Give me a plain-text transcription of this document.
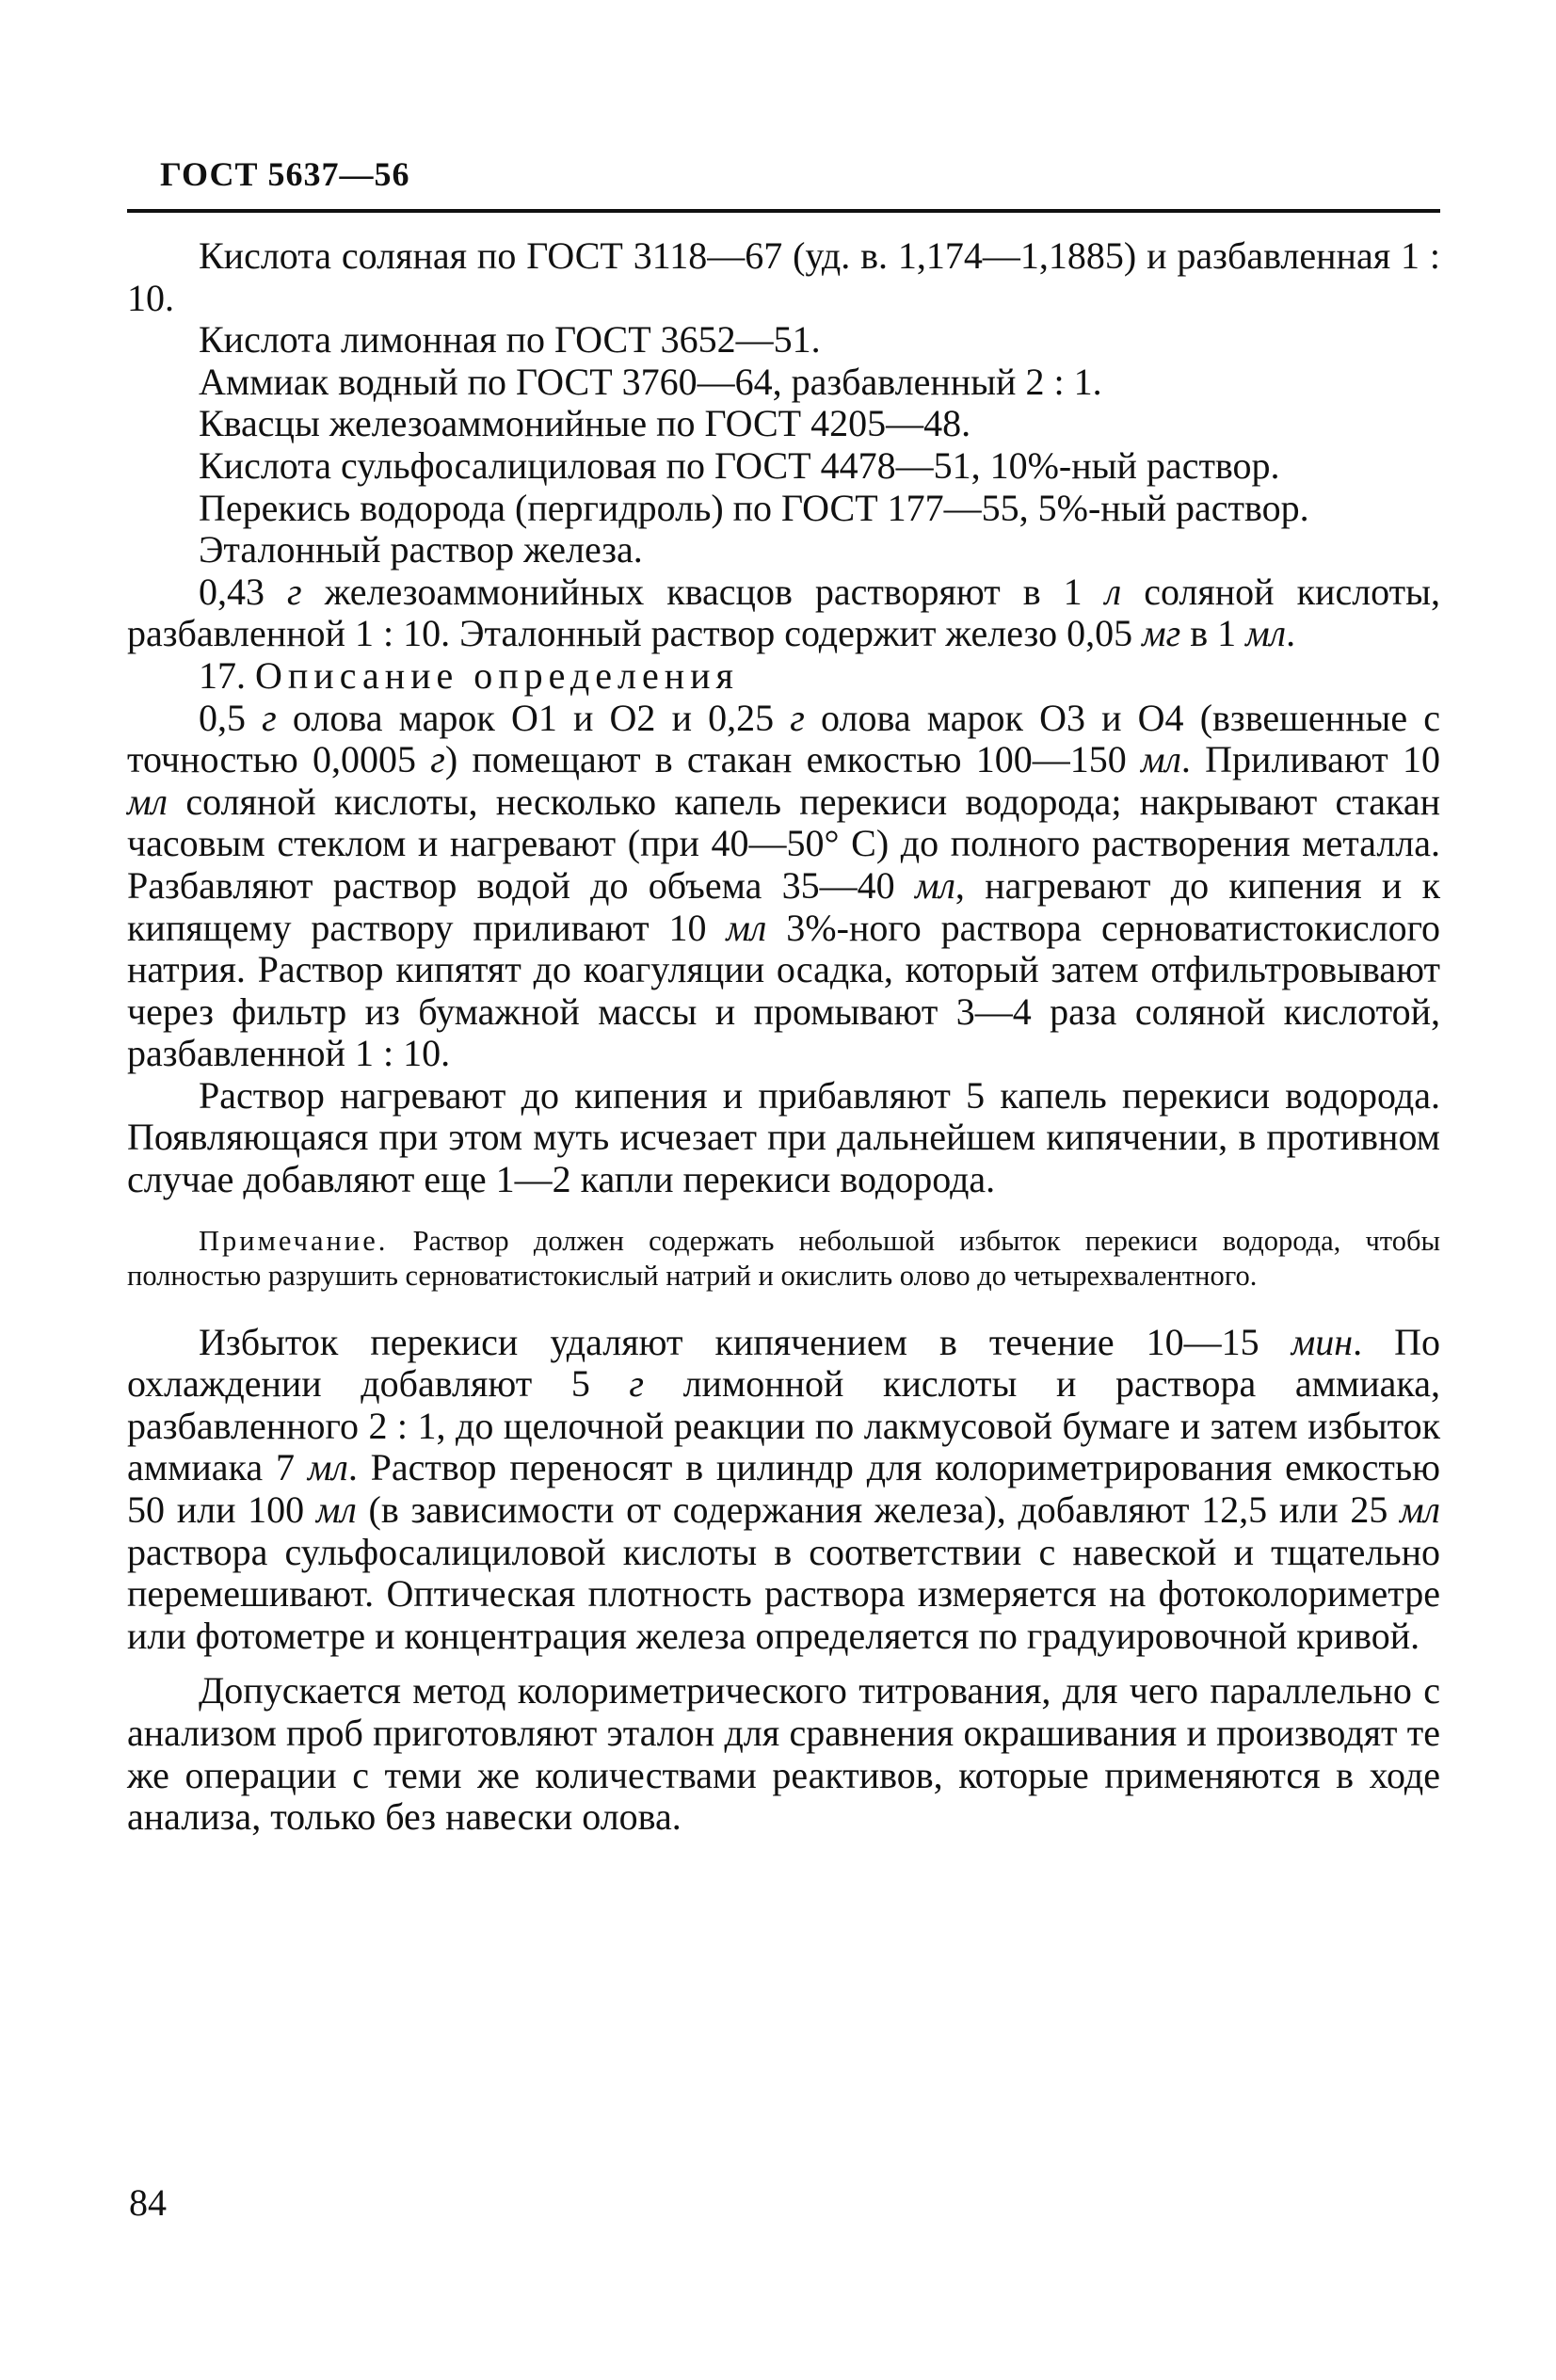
ГОСТ 5637—56

Кислота соляная по ГОСТ 3118—67 (уд. в. 1,174—1,1885) и разбавленная 1 : 10.

Кислота лимонная по ГОСТ 3652—51.

Аммиак водный по ГОСТ 3760—64, разбавленный 2 : 1.

Квасцы железоаммонийные по ГОСТ 4205—48.

Кислота сульфосалициловая по ГОСТ 4478—51, 10%-ный раствор.

Перекись водорода (пергидроль) по ГОСТ 177—55, 5%-ный раствор.

Эталонный раствор железа.

0,43 г железоаммонийных квасцов растворяют в 1 л соляной кислоты, разбавленной 1 : 10. Эталонный раствор содержит железо 0,05 мг в 1 мл.

17. Описание определения

0,5 г олова марок О1 и О2 и 0,25 г олова марок О3 и О4 (взвешенные с точностью 0,0005 г) помещают в стакан емкостью 100—150 мл. Приливают 10 мл соляной кислоты, несколько капель перекиси водорода; накрывают стакан часовым стеклом и нагревают (при 40—50° С) до полного растворения металла. Разбавляют раствор водой до объема 35—40 мл, нагревают до кипения и к кипящему раствору приливают 10 мл 3%-ного раствора серноватистокислого натрия. Раствор кипятят до коагуляции осадка, который затем отфильтровывают через фильтр из бумажной массы и промывают 3—4 раза соляной кислотой, разбавленной 1 : 10.

Раствор нагревают до кипения и прибавляют 5 капель перекиси водорода. Появляющаяся при этом муть исчезает при дальнейшем кипячении, в противном случае добавляют еще 1—2 капли перекиси водорода.

Примечание. Раствор должен содержать небольшой избыток перекиси водорода, чтобы полностью разрушить серноватистокислый натрий и окислить олово до четырехвалентного.

Избыток перекиси удаляют кипячением в течение 10—15 мин. По охлаждении добавляют 5 г лимонной кислоты и раствора аммиака, разбавленного 2 : 1, до щелочной реакции по лакмусовой бумаге и затем избыток аммиака 7 мл. Раствор переносят в цилиндр для колориметрирования емкостью 50 или 100 мл (в зависимости от содержания железа), добавляют 12,5 или 25 мл раствора сульфосалициловой кислоты в соответствии с навеской и тщательно перемешивают. Оптическая плотность раствора измеряется на фотоколориметре или фотометре и концентрация железа определяется по градуировочной кривой.

Допускается метод колориметрического титрования, для чего параллельно с анализом проб приготовляют эталон для сравнения окрашивания и производят те же операции с теми же количествами реактивов, которые применяются в ходе анализа, только без навески олова.

84
